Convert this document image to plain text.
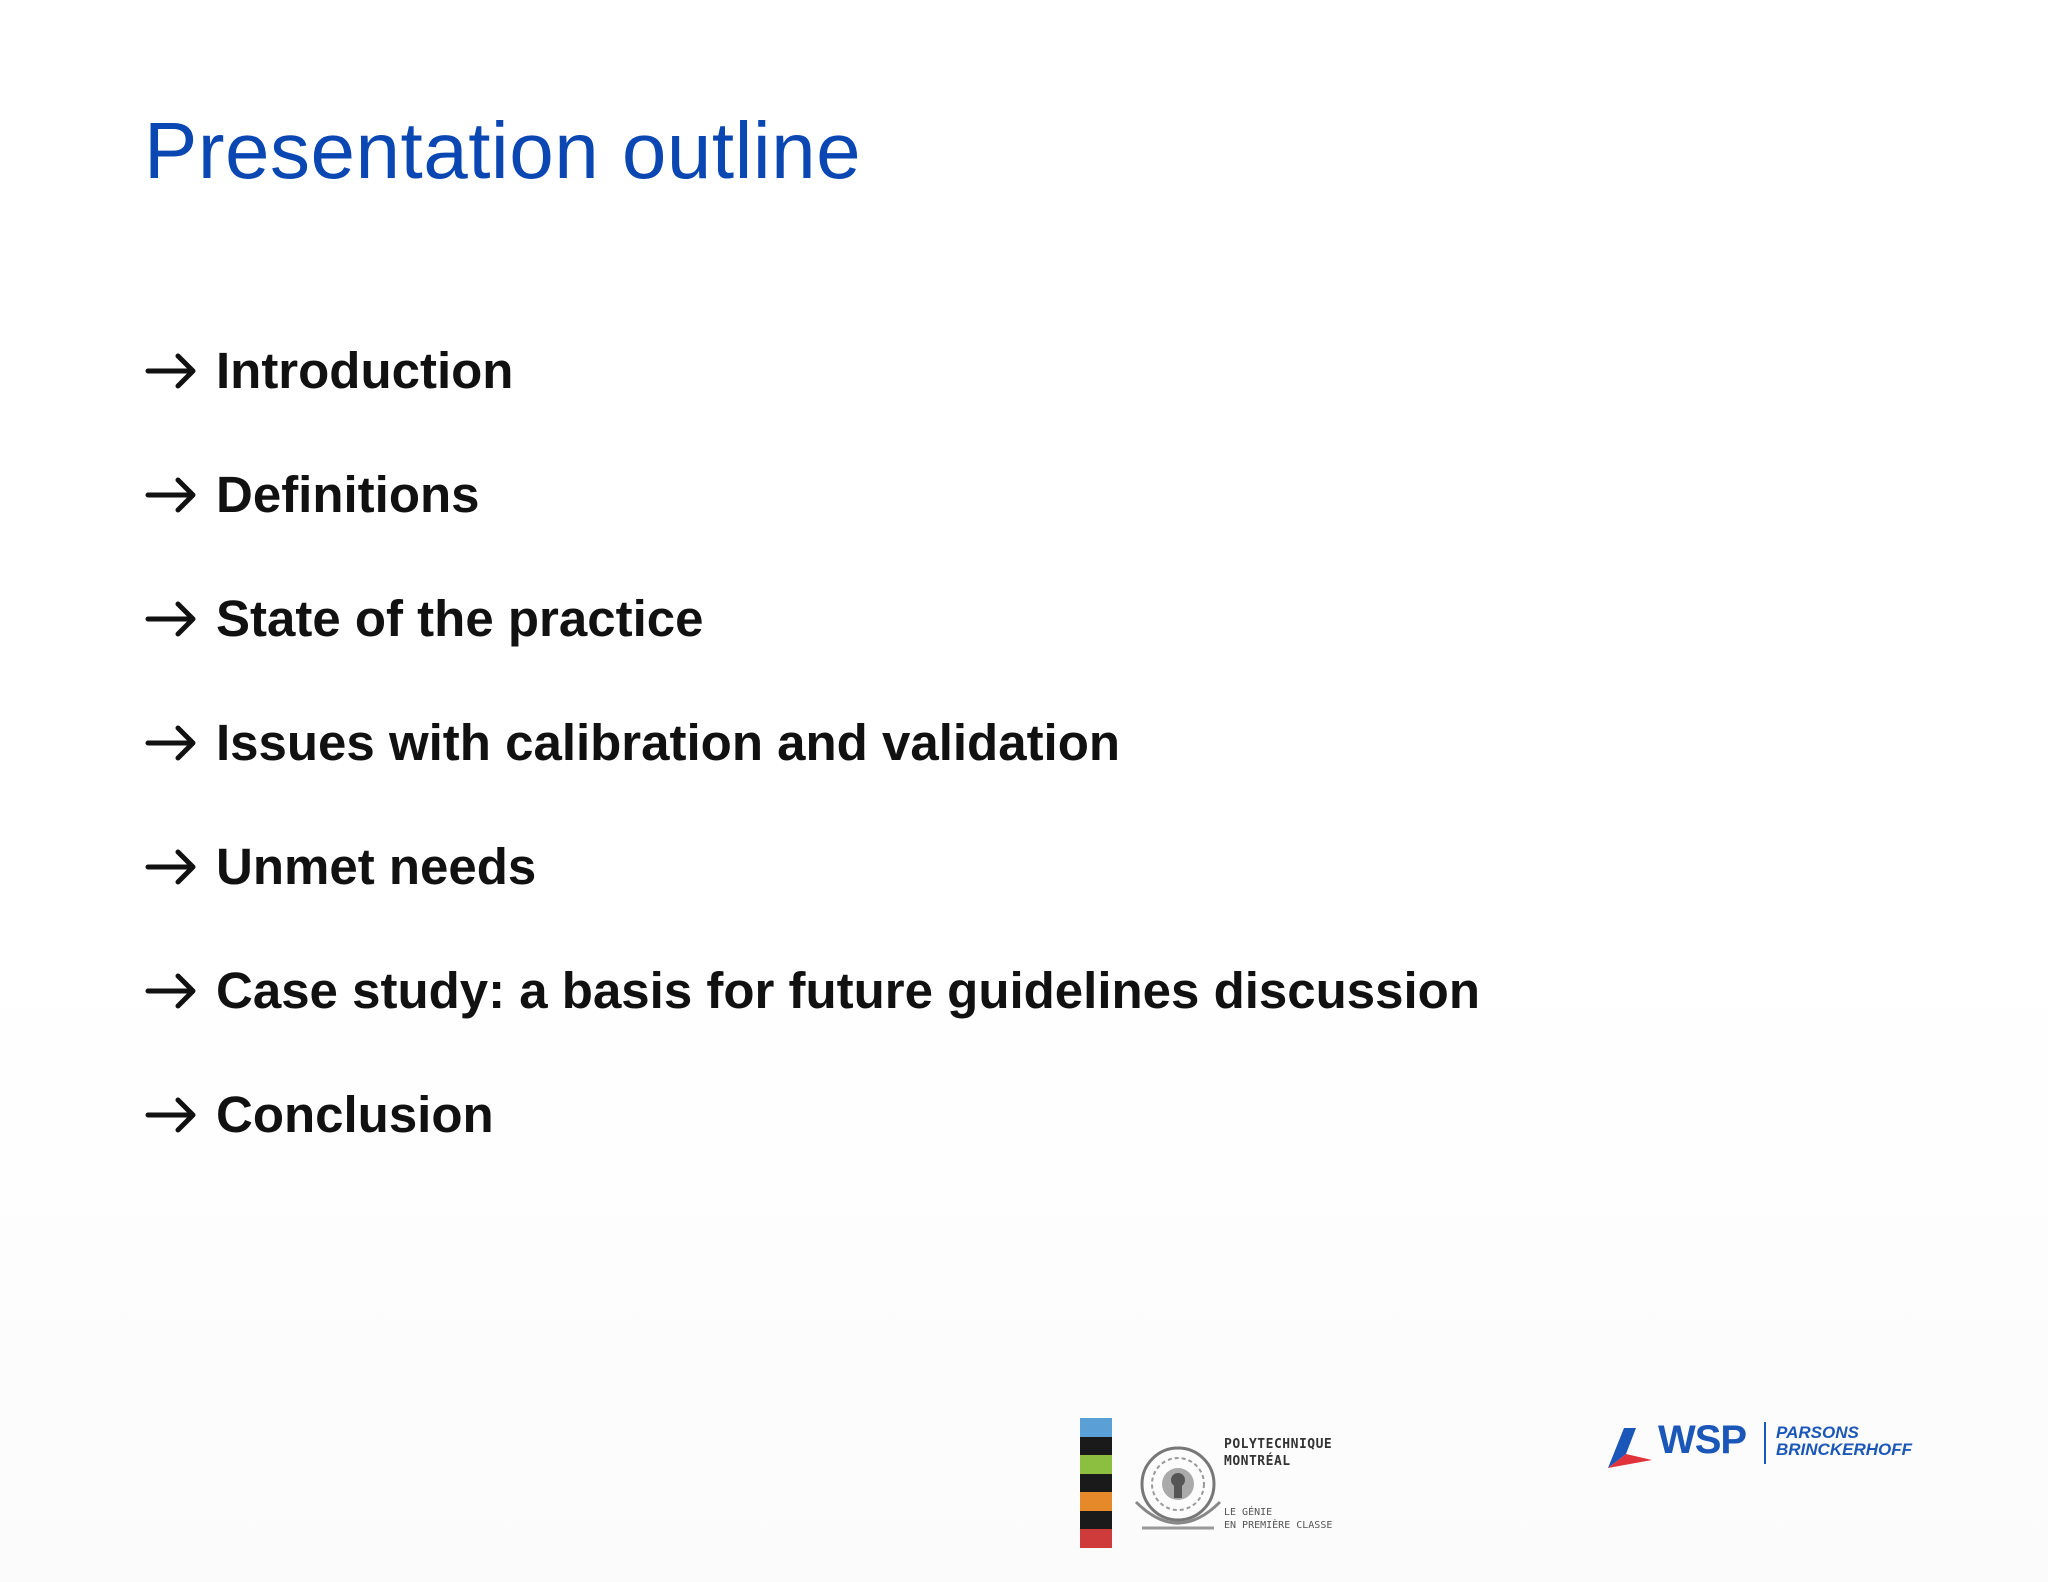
Presentation outline
Introduction
Definitions
State of the practice
Issues with calibration and validation
Unmet needs
Case study: a basis for future guidelines discussion
Conclusion
POLYTECHNIQUE
MONTRÉAL
LE GÉNIE
EN PREMIÈRE CLASSE
WSP PARSONS
BRINCKERHOFF
